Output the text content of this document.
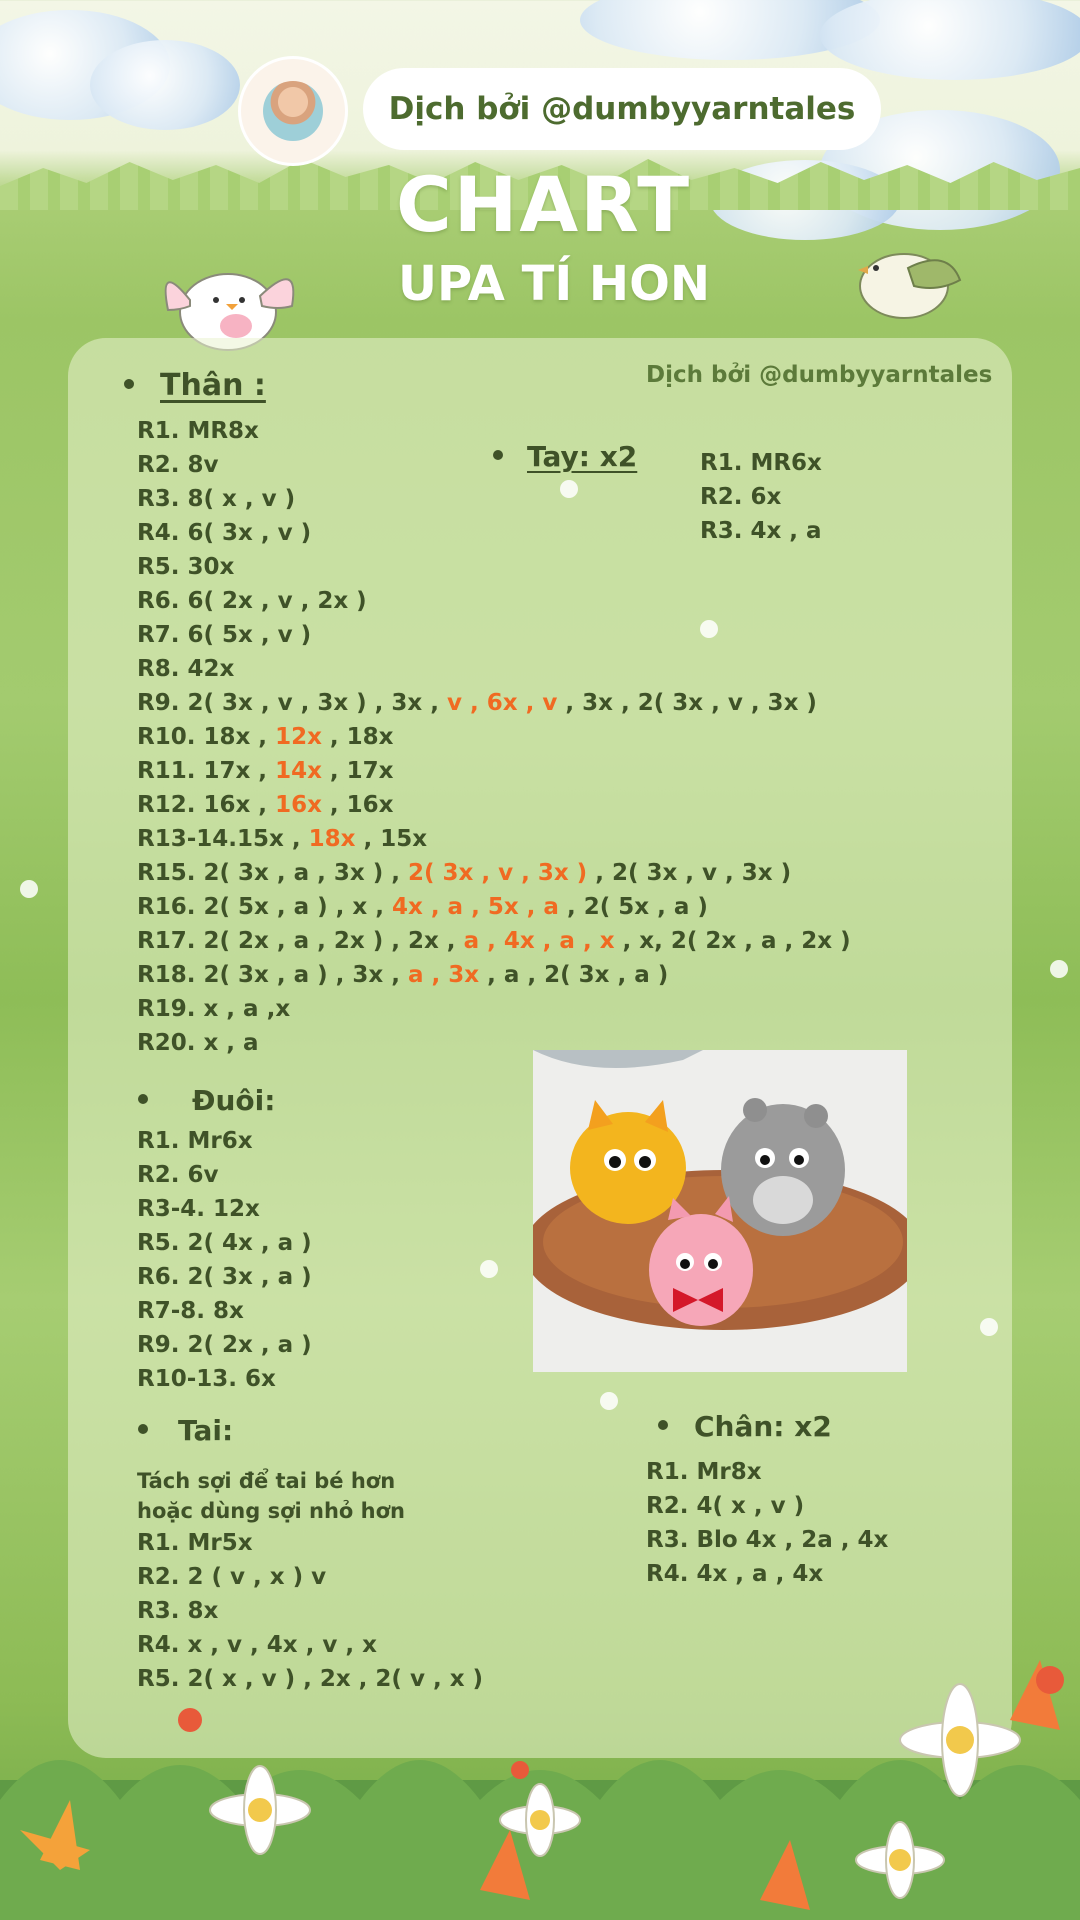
Dịch bởi @dumbyyarntales
CHART
UPA TÍ HON
Dịch bởi @dumbyyarntales
Thân :
R1. MR8x
R2. 8v
R3. 8( x , v )
R4. 6( 3x , v )
R5. 30x
R6. 6( 2x , v , 2x )
R7. 6( 5x , v )
R8. 42x
R9. 2( 3x , v , 3x ) , 3x , v , 6x , v , 3x , 2( 3x , v , 3x )
R10. 18x , 12x , 18x
R11. 17x , 14x , 17x
R12. 16x , 16x , 16x
R13-14.15x , 18x , 15x
R15. 2( 3x , a , 3x ) , 2( 3x , v , 3x ) , 2( 3x , v , 3x )
R16. 2( 5x , a ) , x , 4x , a , 5x , a , 2( 5x , a )
R17. 2( 2x , a , 2x ) , 2x , a , 4x , a , x , x, 2( 2x , a , 2x )
R18. 2( 3x , a ) , 3x , a , 3x , a , 2( 3x , a )
R19. x , a ,x
R20. x , a
Tay: x2	R1. MR6x
R2. 6x
R3. 4x , a
Đuôi:
R1. Mr6x
R2. 6v
R3-4. 12x
R5. 2( 4x , a )
R6. 2( 3x , a )
R7-8. 8x
R9. 2( 2x , a )
R10-13. 6x
Tai:
Tách sợi để tai bé hơn
hoặc dùng sợi nhỏ hơn
R1. Mr5x
R2. 2 ( v , x ) v
R3. 8x
R4. x , v , 4x , v , x
R5. 2( x , v ) , 2x , 2( v , x )
Chân: x2
R1. Mr8x
R2. 4( x , v )
R3. Blo 4x , 2a , 4x
R4. 4x , a , 4x
